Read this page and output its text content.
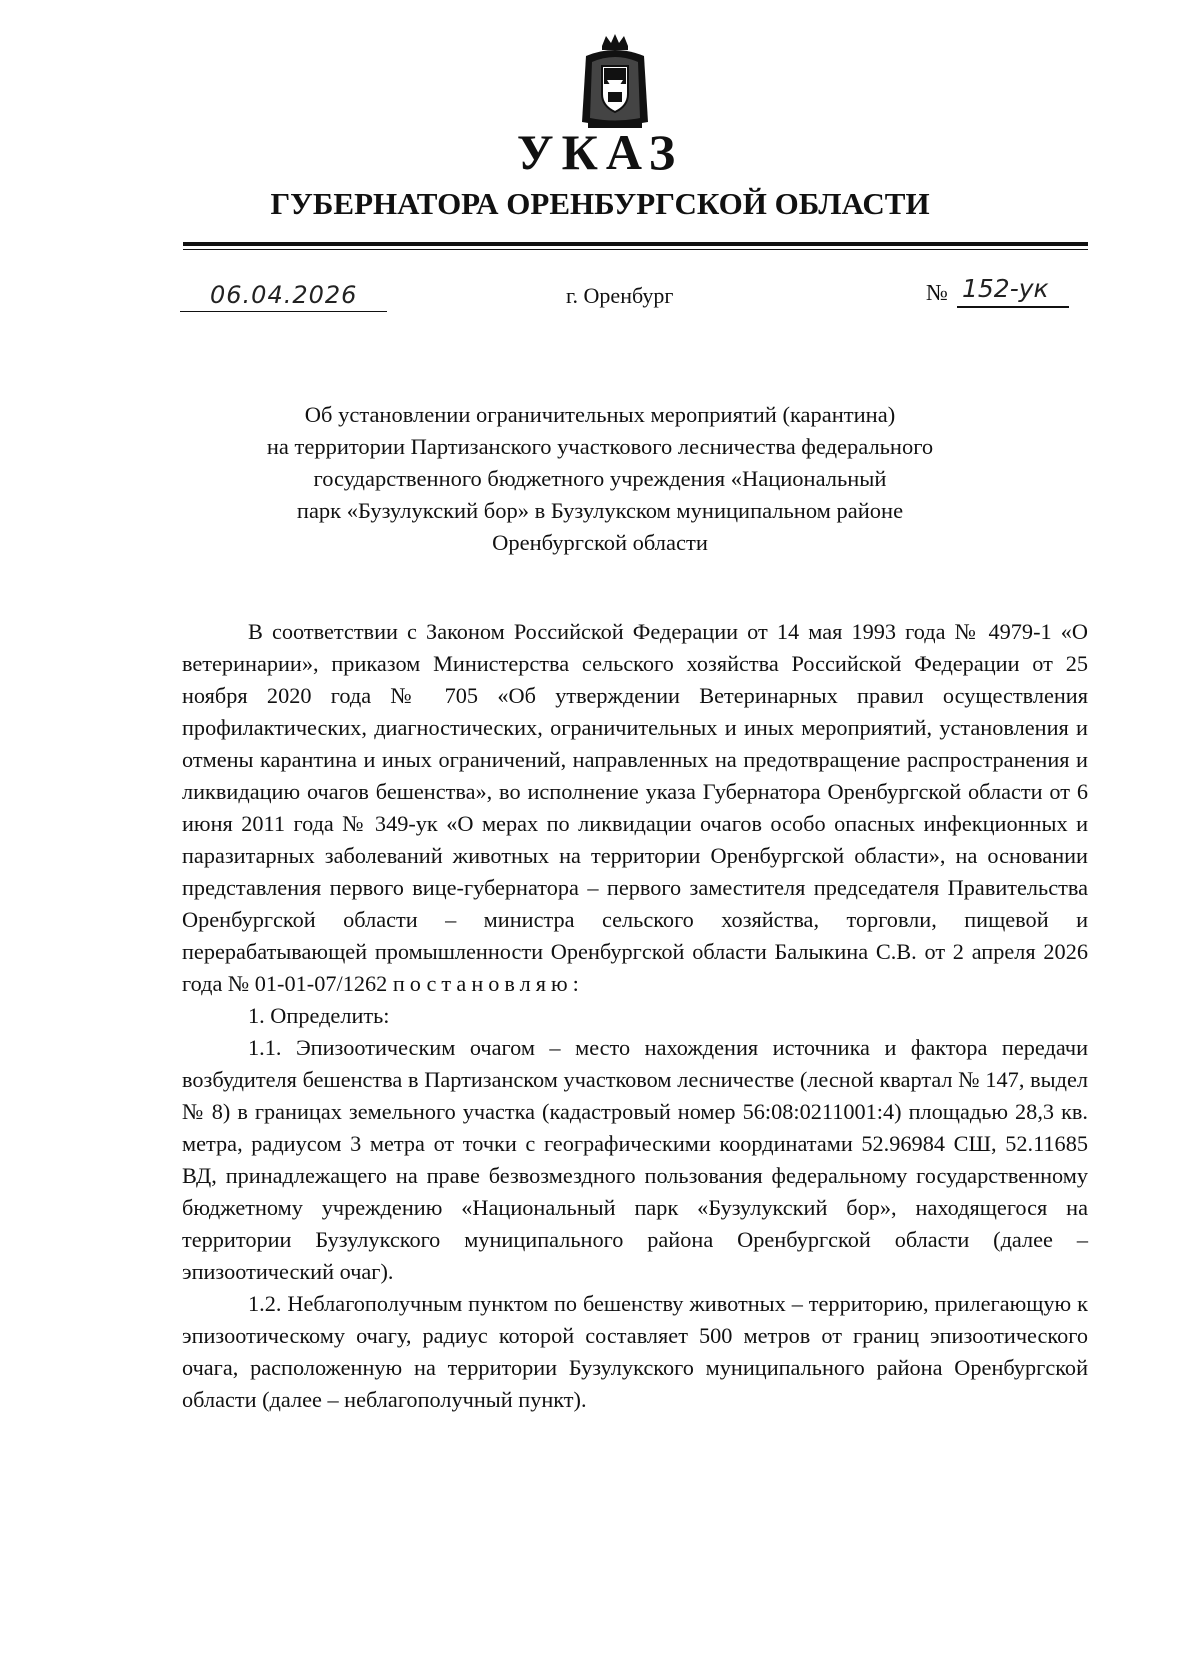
УКАЗ
ГУБЕРНАТОРА ОРЕНБУРГСКОЙ ОБЛАСТИ
06.04.2026	г. Оренбург	№ 152-ук
Об установлении ограничительных мероприятий (карантина)
на территории Партизанского участкового лесничества федерального
государственного бюджетного учреждения «Национальный
парк «Бузулукский бор» в Бузулукском муниципальном районе
Оренбургской области

В соответствии с Законом Российской Федерации от 14 мая 1993 года № 4979-1 «О ветеринарии», приказом Министерства сельского хозяйства Российской Федерации от 25 ноября 2020 года № 705 «Об утверждении Ветеринарных правил осуществления профилактических, диагностических, ограничительных и иных мероприятий, установления и отмены карантина и иных ограничений, направленных на предотвращение распространения и ликвидацию очагов бешенства», во исполнение указа Губернатора Оренбургской области от 6 июня 2011 года № 349-ук «О мерах по ликвидации очагов особо опасных инфекционных и паразитарных заболеваний животных на территории Оренбургской области», на основании представления первого вице-губернатора – первого заместителя председателя Правительства Оренбургской области – министра сельского хозяйства, торговли, пищевой и перерабатывающей промышленности Оренбургской области Балыкина С.В. от 2 апреля 2026 года № 01-01-07/1262 постановляю:

1. Определить:

1.1. Эпизоотическим очагом – место нахождения источника и фактора передачи возбудителя бешенства в Партизанском участковом лесничестве (лесной квартал № 147, выдел № 8) в границах земельного участка (кадастровый номер 56:08:0211001:4) площадью 28,3 кв. метра, радиусом 3 метра от точки с географическими координатами 52.96984 СШ, 52.11685 ВД, принадлежащего на праве безвозмездного пользования федеральному государственному бюджетному учреждению «Национальный парк «Бузулукский бор», находящегося на территории Бузулукского муниципального района Оренбургской области (далее – эпизоотический очаг).

1.2. Неблагополучным пунктом по бешенству животных – территорию, прилегающую к эпизоотическому очагу, радиус которой составляет 500 метров от границ эпизоотического очага, расположенную на территории Бузулукского муниципального района Оренбургской области (далее – неблагополучный пункт).
